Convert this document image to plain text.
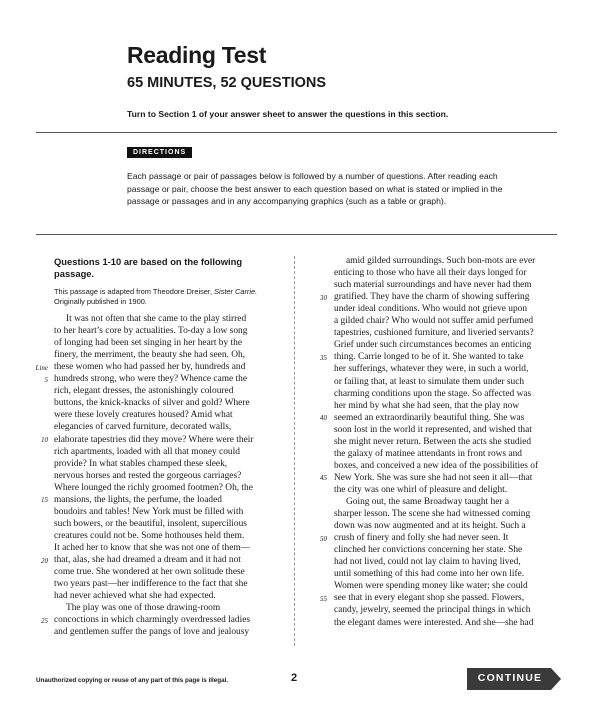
Reading Test
65 MINUTES, 52 QUESTIONS
Turn to Section 1 of your answer sheet to answer the questions in this section.
DIRECTIONS
Each passage or pair of passages below is followed by a number of questions. After reading each passage or pair, choose the best answer to each question based on what is stated or implied in the passage or passages and in any accompanying graphics (such as a table or graph).
Questions 1-10 are based on the following
passage.
This passage is adapted from Theodore Dreiser, Sister Carrie.
Originally published in 1900.
Unauthorized copying or reuse of any part of this page is illegal.	2	CONTINUE
It was not often that she came to the play stirred
to her heart’s core by actualities. To-day a low song
of longing had been set singing in her heart by the
finery, the merriment, the beauty she had seen. Oh,
these women who had passed her by, hundreds and
hundreds strong, who were they? Whence came the
rich, elegant dresses, the astonishingly coloured
buttons, the knick-knacks of silver and gold? Where
were these lovely creatures housed? Amid what
elegancies of carved furniture, decorated walls,
elaborate tapestries did they move? Where were their
rich apartments, loaded with all that money could
provide? In what stables champed these sleek,
nervous horses and rested the gorgeous carriages?
Where lounged the richly groomed footmen? Oh, the
mansions, the lights, the perfume, the loaded
boudoirs and tables! New York must be filled with
such bowers, or the beautiful, insolent, supercilious
creatures could not be. Some hothouses held them.
It ached her to know that she was not one of them—
that, alas, she had dreamed a dream and it had not
come true. She wondered at her own solitude these
two years past—her indifference to the fact that she
had never achieved what she had expected.
The play was one of those drawing-room
concoctions in which charmingly overdressed ladies
and gentlemen suffer the pangs of love and jealousy
Line
5
10
15
20
25
amid gilded surroundings. Such bon-mots are ever
enticing to those who have all their days longed for
such material surroundings and have never had them
gratified. They have the charm of showing suffering
under ideal conditions. Who would not grieve upon
a gilded chair? Who would not suffer amid perfumed
tapestries, cushioned furniture, and liveried servants?
Grief under such circumstances becomes an enticing
thing. Carrie longed to be of it. She wanted to take
her sufferings, whatever they were, in such a world,
or failing that, at least to simulate them under such
charming conditions upon the stage. So affected was
her mind by what she had seen, that the play now
seemed an extraordinarily beautiful thing. She was
soon lost in the world it represented, and wished that
she might never return. Between the acts she studied
the galaxy of matinee attendants in front rows and
boxes, and conceived a new idea of the possibilities of
New York. She was sure she had not seen it all—that
the city was one whirl of pleasure and delight.
Going out, the same Broadway taught her a
sharper lesson. The scene she had witnessed coming
down was now augmented and at its height. Such a
crush of finery and folly she had never seen. It
clinched her convictions concerning her state. She
had not lived, could not lay claim to having lived,
until something of this had come into her own life.
Women were spending money like water; she could
see that in every elegant shop she passed. Flowers,
candy, jewelry, seemed the principal things in which
the elegant dames were interested. And she—she had
30
35
40
45
50
55
